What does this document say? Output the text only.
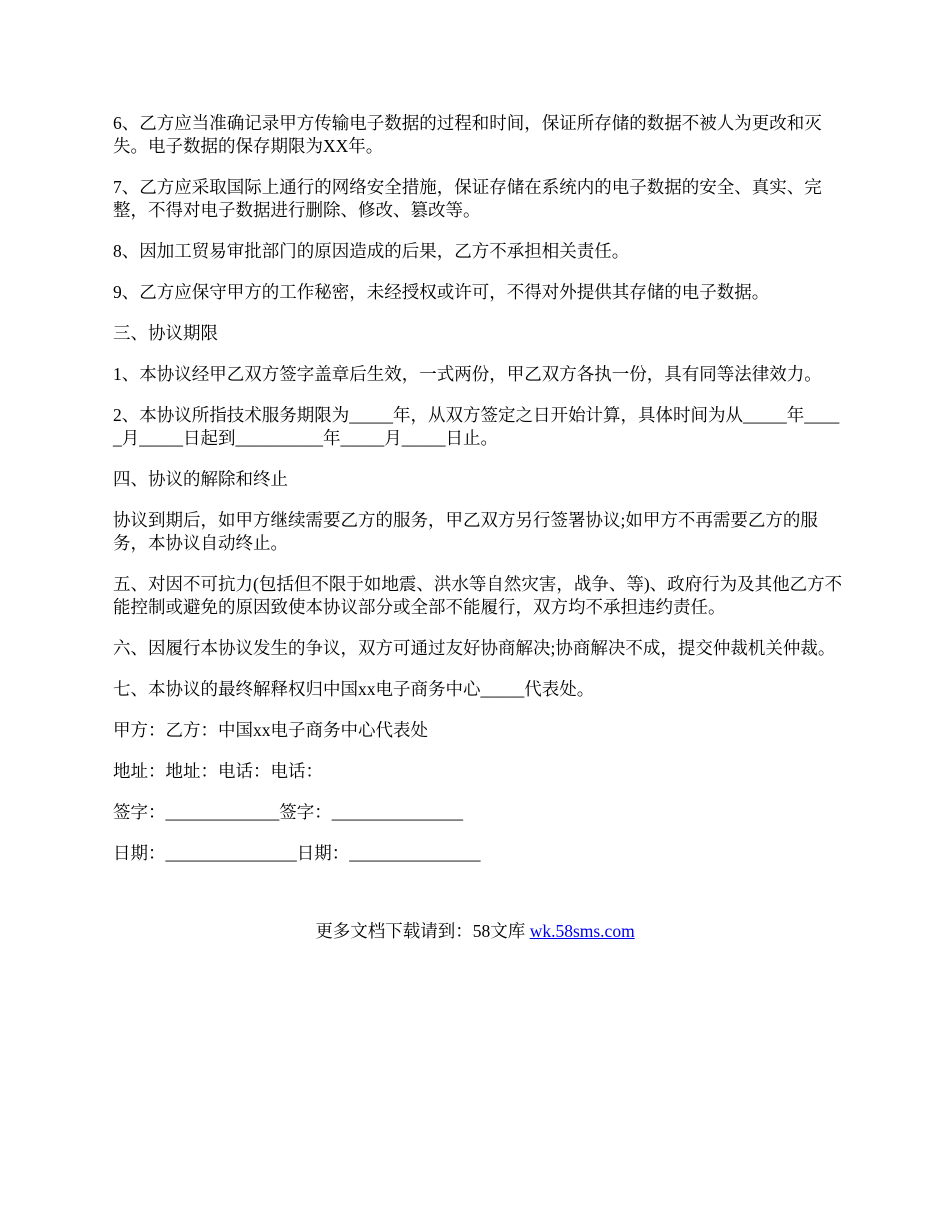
6、乙方应当准确记录甲方传输电子数据的过程和时间，保证所存储的数据不被人为更改和灭失。电子数据的保存期限为XX年。

7、乙方应采取国际上通行的网络安全措施，保证存储在系统内的电子数据的安全、真实、完整，不得对电子数据进行删除、修改、篡改等。

8、因加工贸易审批部门的原因造成的后果，乙方不承担相关责任。

9、乙方应保守甲方的工作秘密，未经授权或许可，不得对外提供其存储的电子数据。

三、协议期限

1、本协议经甲乙双方签字盖章后生效，一式两份，甲乙双方各执一份，具有同等法律效力。

2、本协议所指技术服务期限为_____年，从双方签定之日开始计算，具体时间为从_____年_____月_____日起到__________年_____月_____日止。

四、协议的解除和终止

协议到期后，如甲方继续需要乙方的服务，甲乙双方另行签署协议;如甲方不再需要乙方的服务，本协议自动终止。

五、对因不可抗力(包括但不限于如地震、洪水等自然灾害，战争、等)、政府行为及其他乙方不能控制或避免的原因致使本协议部分或全部不能履行，双方均不承担违约责任。

六、因履行本协议发生的争议，双方可通过友好协商解决;协商解决不成，提交仲裁机关仲裁。

七、本协议的最终解释权归中国xx电子商务中心_____代表处。

甲方：乙方：中国xx电子商务中心代表处

地址：地址：电话：电话：

签字：_____________签字：_______________

日期：_______________日期：_______________

更多文档下载请到：58文库 wk.58sms.com
